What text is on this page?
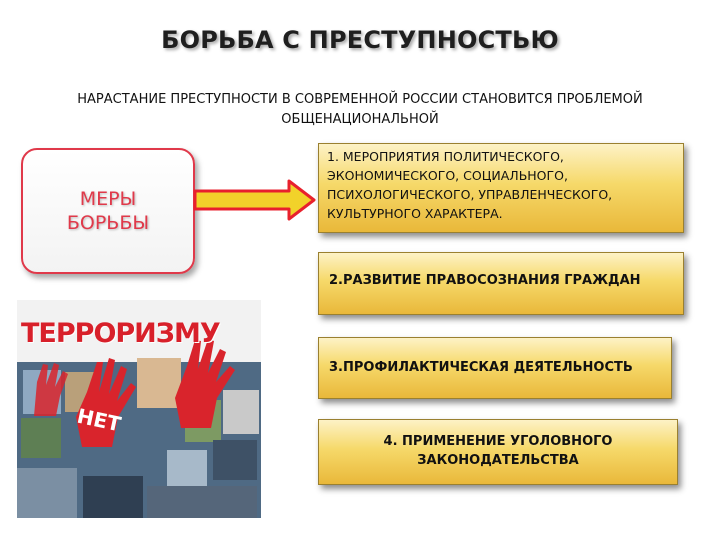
БОРЬБА С ПРЕСТУПНОСТЬЮ
НАРАСТАНИЕ ПРЕСТУПНОСТИ В СОВРЕМЕННОЙ РОССИИ СТАНОВИТСЯ ПРОБЛЕМОЙ
ОБЩЕНАЦИОНАЛЬНОЙ
МЕРЫ
БОРЬБЫ
1. МЕРОПРИЯТИЯ ПОЛИТИЧЕСКОГО,
ЭКОНОМИЧЕСКОГО, СОЦИАЛЬНОГО,
ПСИХОЛОГИЧЕСКОГО, УПРАВЛЕНЧЕСКОГО,
КУЛЬТУРНОГО ХАРАКТЕРА.
2.РАЗВИТИЕ ПРАВОСОЗНАНИЯ ГРАЖДАН
3.ПРОФИЛАКТИЧЕСКАЯ ДЕЯТЕЛЬНОСТЬ
4. ПРИМЕНЕНИЕ УГОЛОВНОГО
ЗАКОНОДАТЕЛЬСТВА
ТЕРРОРИЗМУ
НЕТ
